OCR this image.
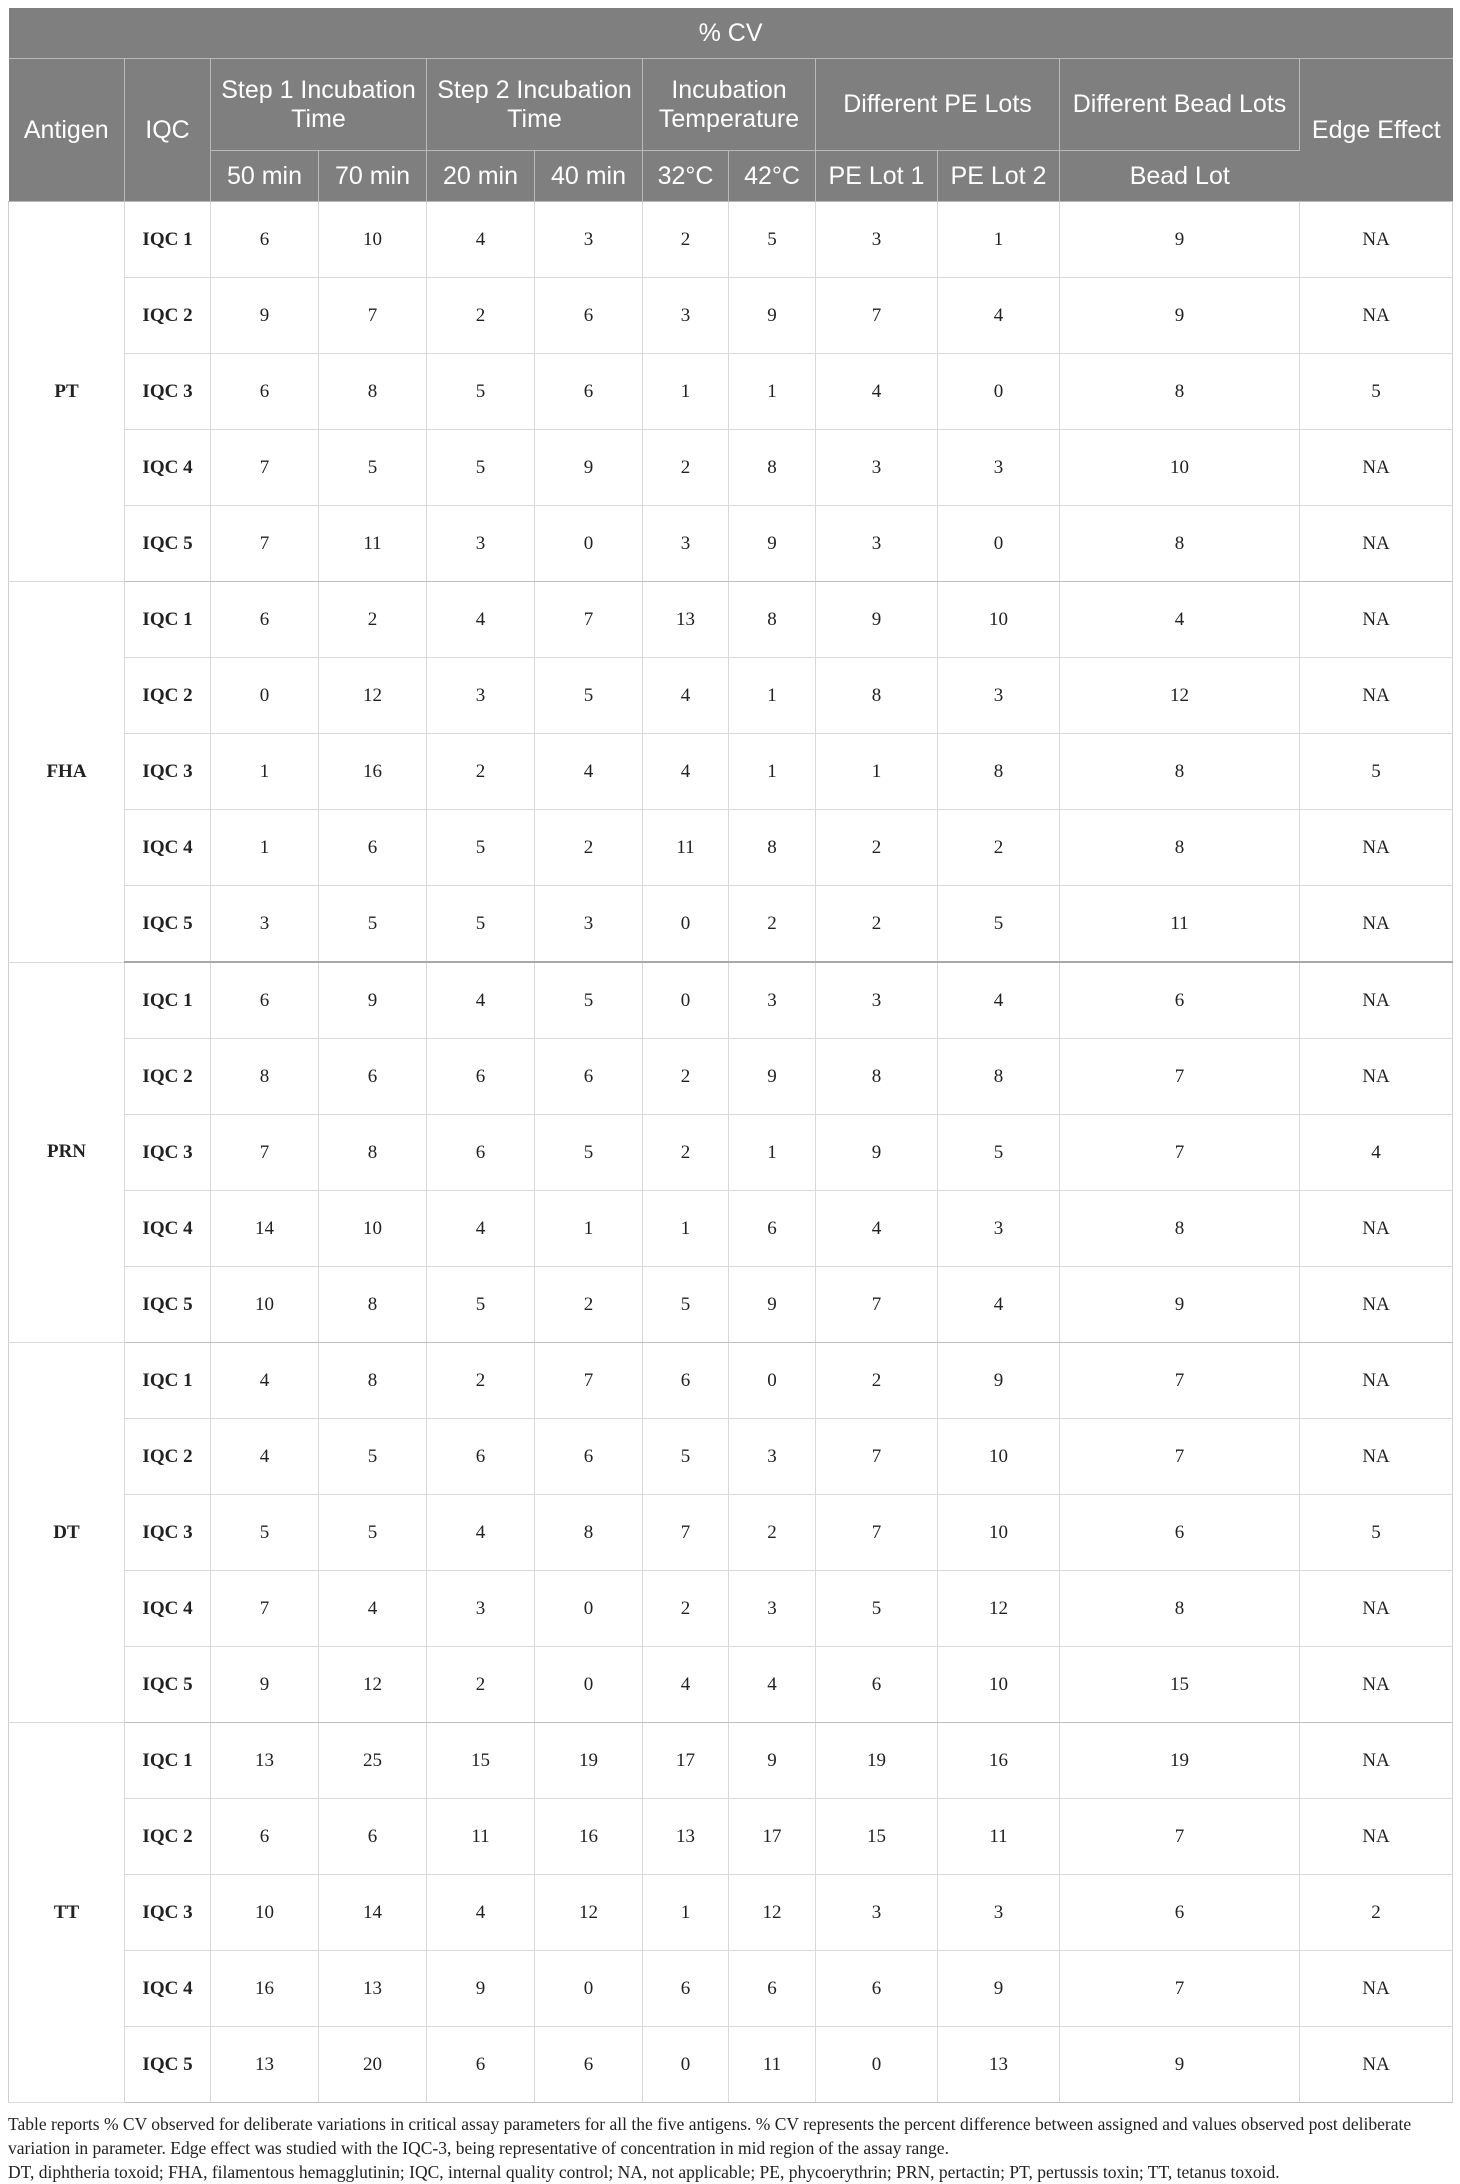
% CV											
Antigen	IQC	Step 1 Incubation Time		Step 2 Incubation Time		Incubation Temperature		Different PE Lots		Different Bead Lots	Edge Effect
		50 min	70 min	20 min	40 min	32°C	42°C	PE Lot 1	PE Lot 2	Bead Lot	
PT	IQC 1	6	10	4	3	2	5	3	1	9	NA
	IQC 2	9	7	2	6	3	9	7	4	9	NA
	IQC 3	6	8	5	6	1	1	4	0	8	5
	IQC 4	7	5	5	9	2	8	3	3	10	NA
	IQC 5	7	11	3	0	3	9	3	0	8	NA
FHA	IQC 1	6	2	4	7	13	8	9	10	4	NA
	IQC 2	0	12	3	5	4	1	8	3	12	NA
	IQC 3	1	16	2	4	4	1	1	8	8	5
	IQC 4	1	6	5	2	11	8	2	2	8	NA
	IQC 5	3	5	5	3	0	2	2	5	11	NA
PRN	IQC 1	6	9	4	5	0	3	3	4	6	NA
	IQC 2	8	6	6	6	2	9	8	8	7	NA
	IQC 3	7	8	6	5	2	1	9	5	7	4
	IQC 4	14	10	4	1	1	6	4	3	8	NA
	IQC 5	10	8	5	2	5	9	7	4	9	NA
DT	IQC 1	4	8	2	7	6	0	2	9	7	NA
	IQC 2	4	5	6	6	5	3	7	10	7	NA
	IQC 3	5	5	4	8	7	2	7	10	6	5
	IQC 4	7	4	3	0	2	3	5	12	8	NA
	IQC 5	9	12	2	0	4	4	6	10	15	NA
TT	IQC 1	13	25	15	19	17	9	19	16	19	NA
	IQC 2	6	6	11	16	13	17	15	11	7	NA
	IQC 3	10	14	4	12	1	12	3	3	6	2
	IQC 4	16	13	9	0	6	6	6	9	7	NA
	IQC 5	13	20	6	6	0	11	0	13	9	NA

Table reports % CV observed for deliberate variations in critical assay parameters for all the five antigens. % CV represents the percent difference between assigned and values observed post deliberate variation in parameter. Edge effect was studied with the IQC-3, being representative of concentration in mid region of the assay range.

DT, diphtheria toxoid; FHA, filamentous hemagglutinin; IQC, internal quality control; NA, not applicable; PE, phycoerythrin; PRN, pertactin; PT, pertussis toxin; TT, tetanus toxoid.
